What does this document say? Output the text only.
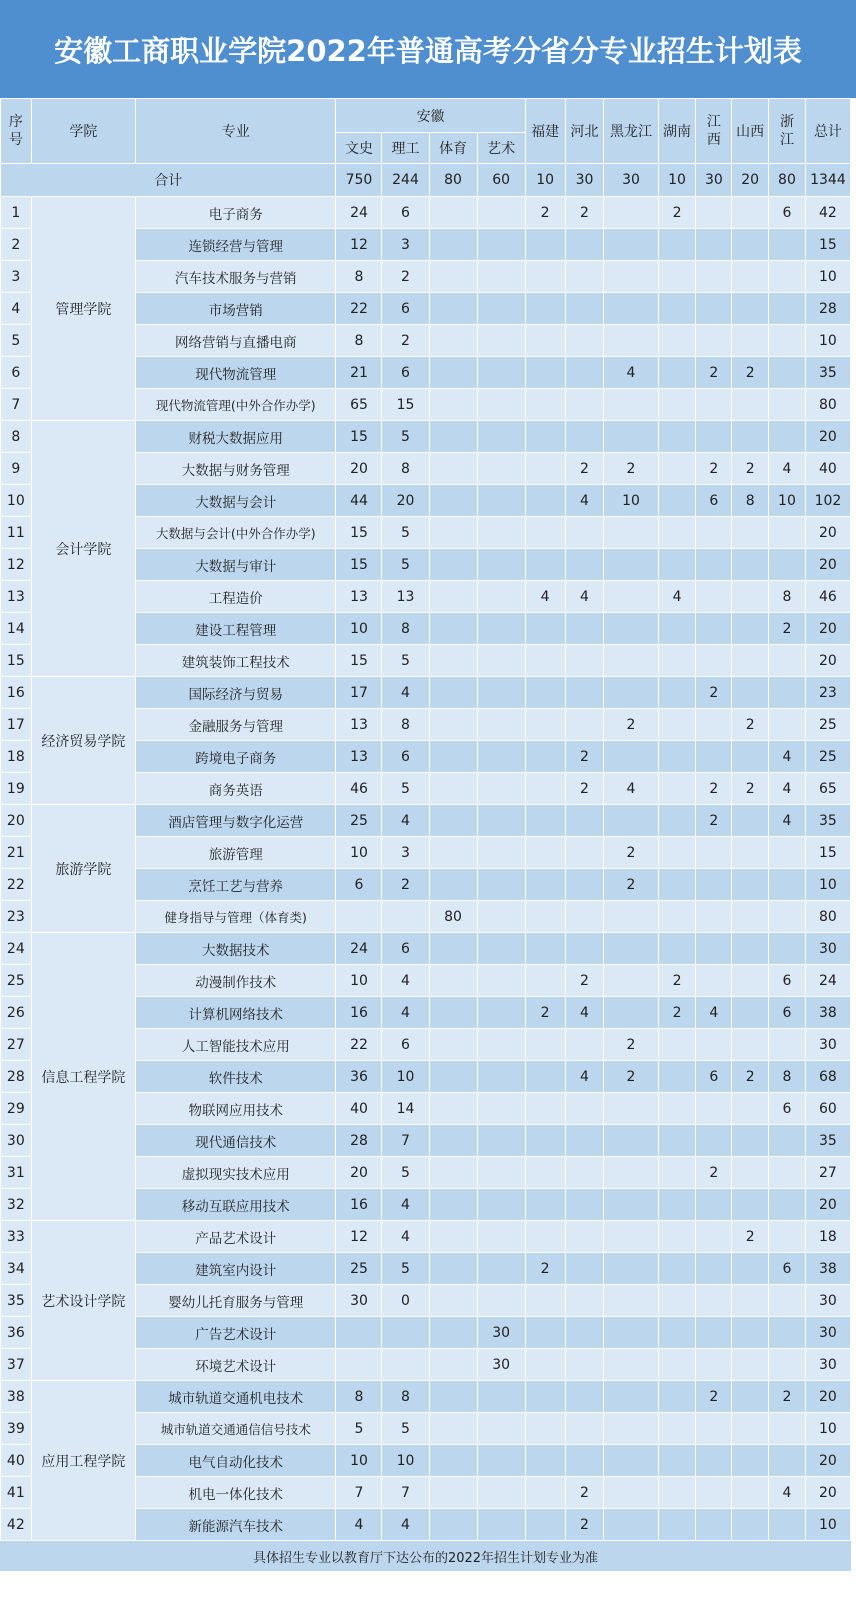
安徽工商职业学院2022年普通高考分省分专业招生计划表
序号	学院	专业	安徽				福建	河北	黑龙江	湖南	江西	山西	浙江	总计
			文史	理工	体育	艺术								
合计			750	244	80	60	10	30	30	10	30	20	80	1344
1	管理学院	电子商务	24	6			2	2		2			6	42
2		连锁经营与管理	12	3										15
3		汽车技术服务与营销	8	2										10
4		市场营销	22	6										28
5		网络营销与直播电商	8	2										10
6		现代物流管理	21	6					4		2	2		35
7		现代物流管理(中外合作办学)	65	15										80
8	会计学院	财税大数据应用	15	5										20
9		大数据与财务管理	20	8				2	2		2	2	4	40
10		大数据与会计	44	20				4	10		6	8	10	102
11		大数据与会计(中外合作办学)	15	5										20
12		大数据与审计	15	5										20
13		工程造价	13	13			4	4		4			8	46
14		建设工程管理	10	8									2	20
15		建筑装饰工程技术	15	5										20
16	经济贸易学院	国际经济与贸易	17	4							2			23
17		金融服务与管理	13	8					2			2		25
18		跨境电子商务	13	6				2					4	25
19		商务英语	46	5				2	4		2	2	4	65
20	旅游学院	酒店管理与数字化运营	25	4							2		4	35
21		旅游管理	10	3					2					15
22		烹饪工艺与营养	6	2					2					10
23		健身指导与管理（体育类)			80									80
24	信息工程学院	大数据技术	24	6										30
25		动漫制作技术	10	4				2		2			6	24
26		计算机网络技术	16	4			2	4		2	4		6	38
27		人工智能技术应用	22	6					2					30
28		软件技术	36	10				4	2		6	2	8	68
29		物联网应用技术	40	14									6	60
30		现代通信技术	28	7										35
31		虚拟现实技术应用	20	5							2			27
32		移动互联应用技术	16	4										20
33	艺术设计学院	产品艺术设计	12	4								2		18
34		建筑室内设计	25	5			2						6	38
35		婴幼儿托育服务与管理	30	0										30
36		广告艺术设计				30								30
37		环境艺术设计				30								30
38	应用工程学院	城市轨道交通机电技术	8	8							2		2	20
39		城市轨道交通通信信号技术	5	5										10
40		电气自动化技术	10	10										20
41		机电一体化技术	7	7				2					4	20
42		新能源汽车技术	4	4				2						10
具体招生专业以教育厅下达公布的2022年招生计划专业为准
